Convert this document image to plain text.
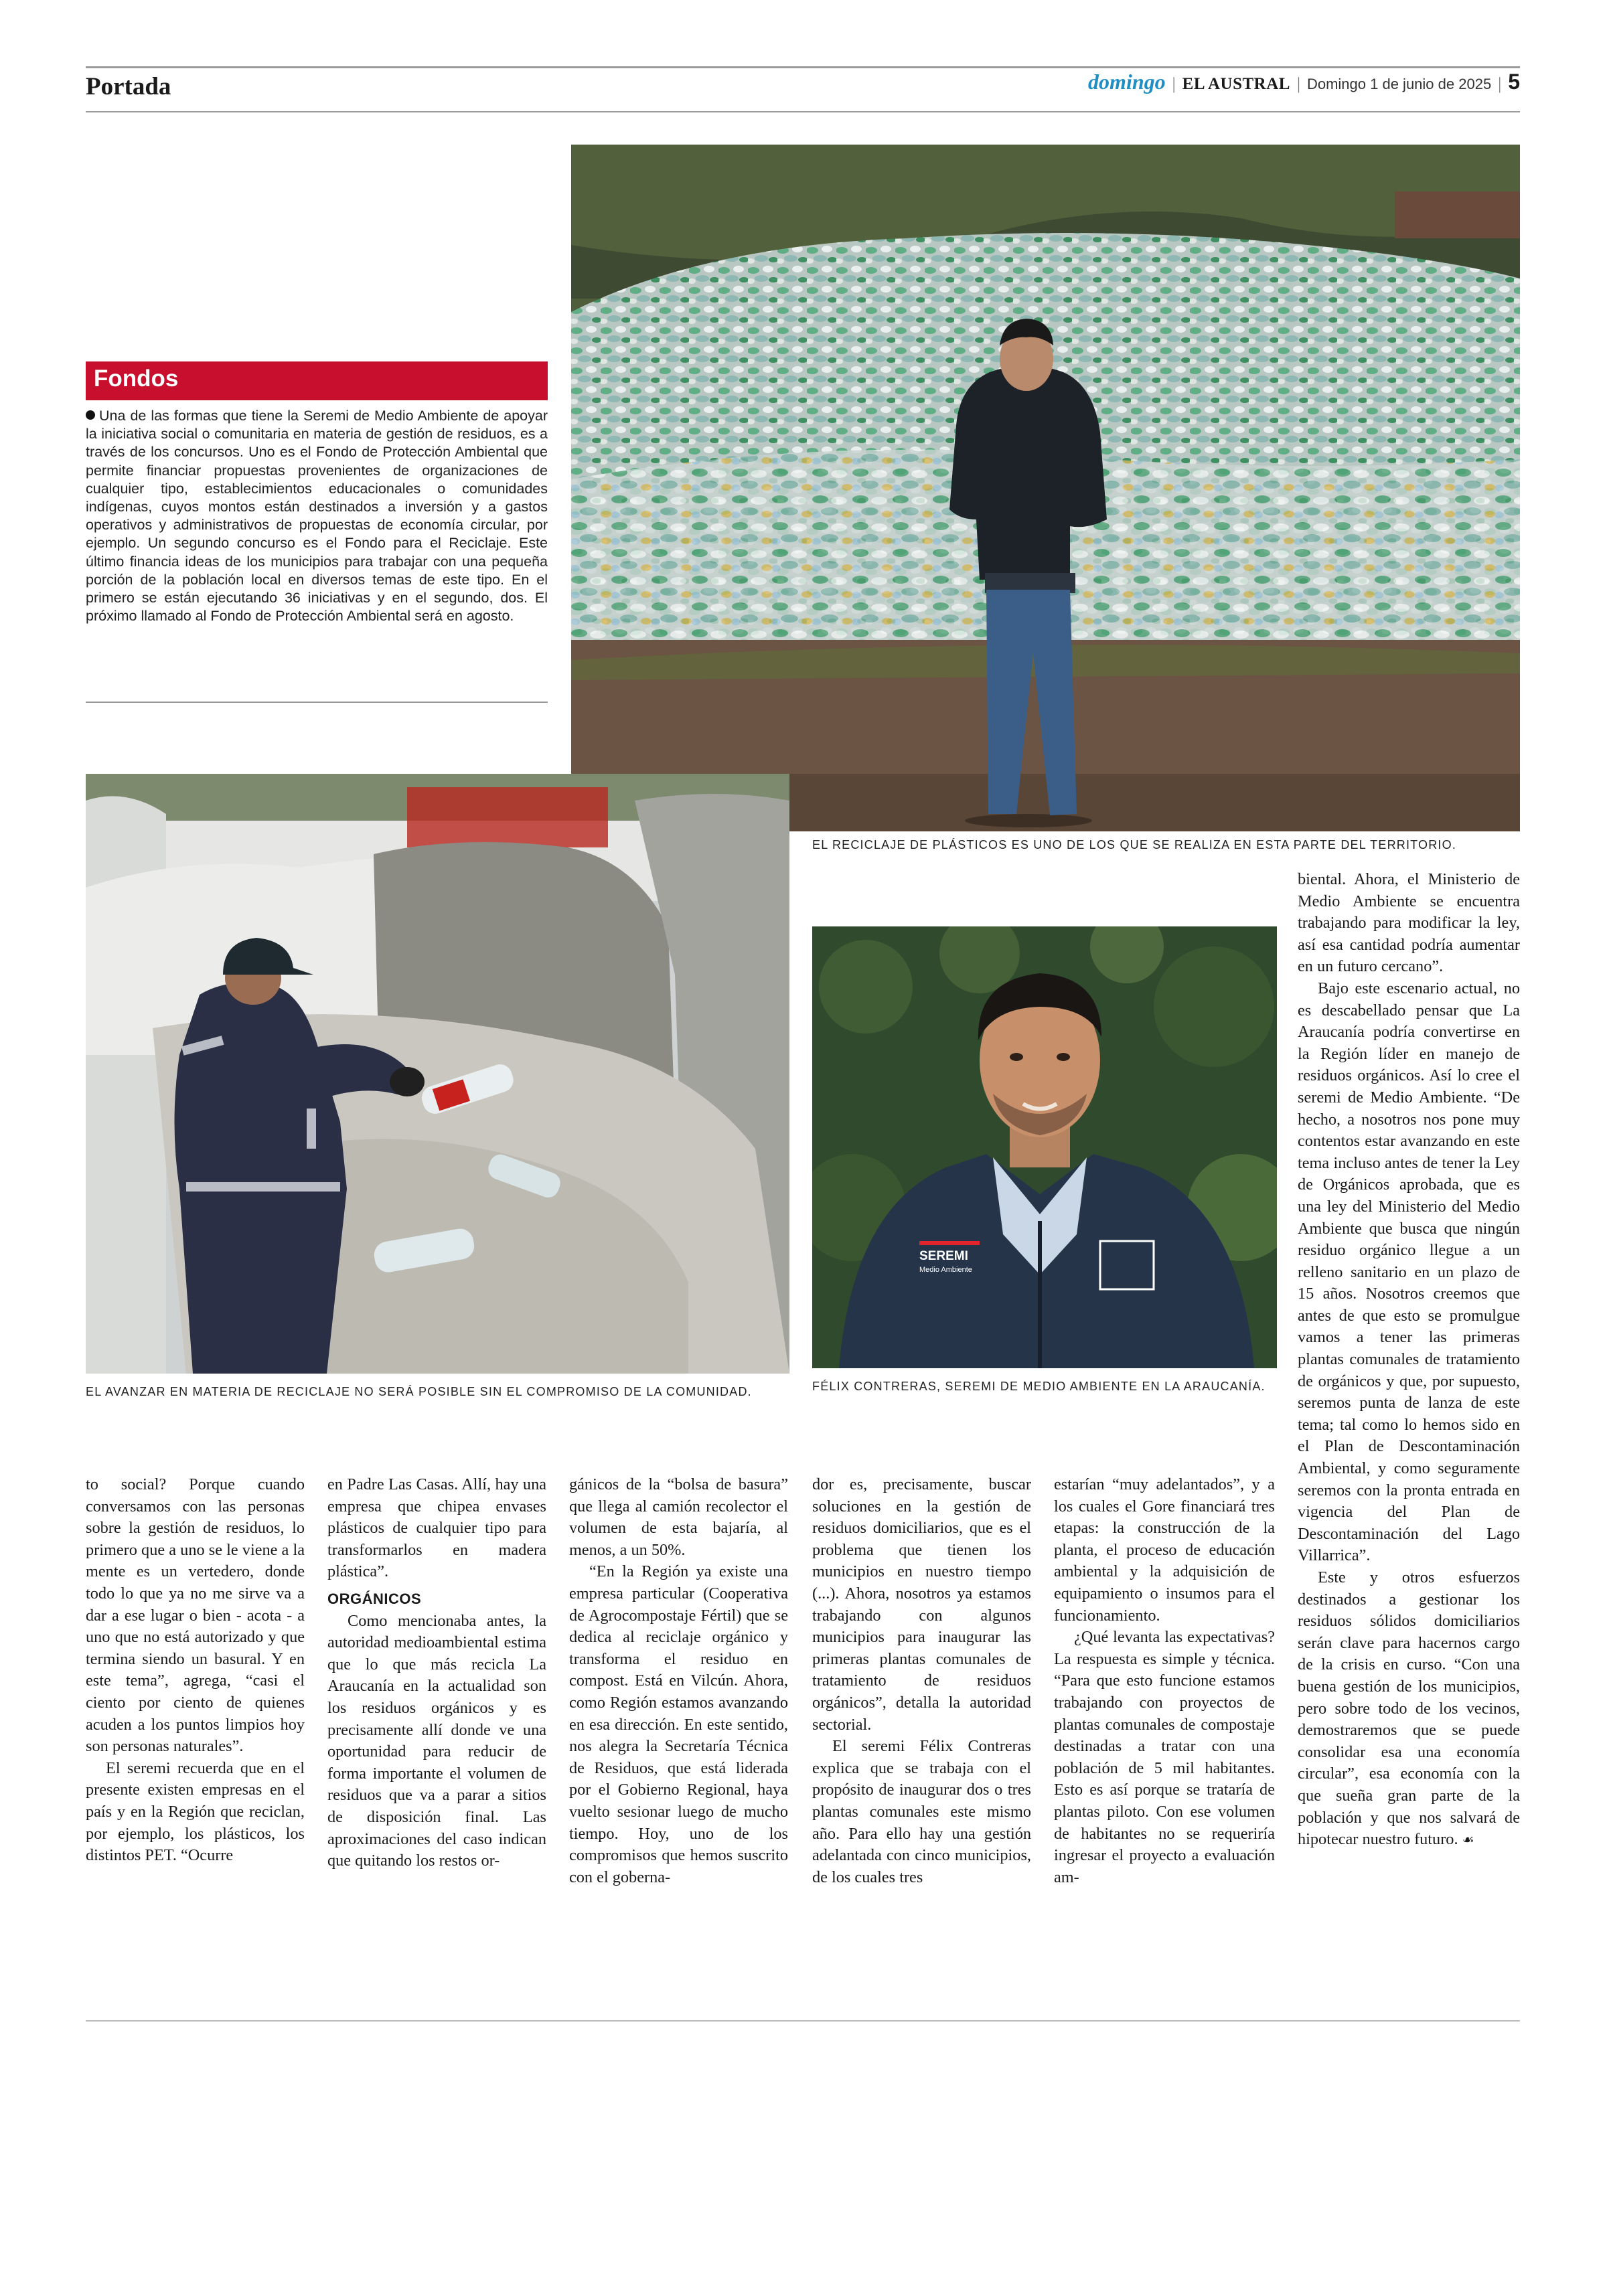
Portada	domingo | EL AUSTRAL | Domingo 1 de junio de 2025 | 5
EL RECICLAJE DE PLÁSTICOS ES UNO DE LOS QUE SE REALIZA EN ESTA PARTE DEL TERRITORIO.
Fondos
Una de las formas que tiene la Seremi de Medio Ambiente de apoyar la iniciativa social o comunitaria en materia de gestión de residuos, es a través de los concursos. Uno es el Fondo de Protección Ambiental que permite financiar propuestas provenientes de organizaciones de cualquier tipo, establecimientos educacionales o comunidades indígenas, cuyos montos están destinados a inversión y a gastos operativos y administrativos de propuestas de economía circular, por ejemplo. Un segundo concurso es el Fondo para el Reciclaje. Este último financia ideas de los municipios para trabajar con una pequeña porción de la población local en diversos temas de este tipo. En el primero se están ejecutando 36 iniciativas y en el segundo, dos. El próximo llamado al Fondo de Protección Ambiental será en agosto.
EL AVANZAR EN MATERIA DE RECICLAJE NO SERÁ POSIBLE SIN EL COMPROMISO DE LA COMUNIDAD.
SEREMI
Medio Ambiente
FÉLIX CONTRERAS, SEREMI DE MEDIO AMBIENTE EN LA ARAUCANÍA.

biental. Ahora, el Ministerio de Medio Ambiente se encuentra trabajando para modificar la ley, así esa cantidad podría aumentar en un futuro cercano”.

Bajo este escenario actual, no es descabellado pensar que La Araucanía podría convertirse en la Región líder en manejo de residuos orgánicos. Así lo cree el seremi de Medio Ambiente. “De hecho, a nosotros nos pone muy contentos estar avanzando en este tema incluso antes de tener la Ley de Orgánicos aprobada, que es una ley del Ministerio del Medio Ambiente que busca que ningún residuo orgánico llegue a un relleno sanitario en un plazo de 15 años. Nosotros creemos que antes de que esto se promulgue vamos a tener las primeras plantas comunales de tratamiento de orgánicos y que, por supuesto, seremos punta de lanza de este tema; tal como lo hemos sido en el Plan de Descontaminación Ambiental, y como seguramente seremos con la pronta entrada en vigencia del Plan de Descontaminación del Lago Villarrica”.

Este y otros esfuerzos destinados a gestionar los residuos sólidos domiciliarios serán clave para hacernos cargo de la crisis en curso. “Con una buena gestión de los municipios, pero sobre todo de los vecinos, demostraremos que se puede consolidar esa una economía circular”, esa economía con la que sueña gran parte de la población y que nos salvará de hipotecar nuestro futuro. ☙

to social? Porque cuando conversamos con las personas sobre la gestión de residuos, lo primero que a uno se le viene a la mente es un vertedero, donde todo lo que ya no me sirve va a dar a ese lugar o bien - acota - a uno que no está autorizado y que termina siendo un basural. Y en este tema”, agrega, “casi el ciento por ciento de quienes acuden a los puntos limpios hoy son personas naturales”.

El seremi recuerda que en el presente existen empresas en el país y en la Región que reciclan, por ejemplo, los plásticos, los distintos PET. “Ocurre

en Padre Las Casas. Allí, hay una empresa que chipea envases plásticos de cualquier tipo para transformarlos en madera plástica”.

ORGÁNICOS

Como mencionaba antes, la autoridad medioambiental estima que lo que más recicla La Araucanía en la actualidad son los residuos orgánicos y es precisamente allí donde ve una oportunidad para reducir de forma importante el volumen de residuos que va a parar a sitios de disposición final. Las aproximaciones del caso indican que quitando los restos or-

gánicos de la “bolsa de basura” que llega al camión recolector el volumen de esta bajaría, al menos, a un 50%.

“En la Región ya existe una empresa particular (Cooperativa de Agrocompostaje Fértil) que se dedica al reciclaje orgánico y transforma el residuo en compost. Está en Vilcún. Ahora, como Región estamos avanzando en esa dirección. En este sentido, nos alegra la Secretaría Técnica de Residuos, que está liderada por el Gobierno Regional, haya vuelto sesionar luego de mucho tiempo. Hoy, uno de los compromisos que hemos suscrito con el goberna-

dor es, precisamente, buscar soluciones en la gestión de residuos domiciliarios, que es el problema que tienen los municipios en nuestro tiempo (...). Ahora, nosotros ya estamos trabajando con algunos municipios para inaugurar las primeras plantas comunales de tratamiento de residuos orgánicos”, detalla la autoridad sectorial.

El seremi Félix Contreras explica que se trabaja con el propósito de inaugurar dos o tres plantas comunales este mismo año. Para ello hay una gestión adelantada con cinco municipios, de los cuales tres

estarían “muy adelantados”, y a los cuales el Gore financiará tres etapas: la construcción de la planta, el proceso de educación ambiental y la adquisición de equipamiento o insumos para el funcionamiento.

¿Qué levanta las expectativas? La respuesta es simple y técnica. “Para que esto funcione estamos trabajando con proyectos de plantas comunales de compostaje destinadas a tratar con una población de 5 mil habitantes. Esto es así porque se trataría de plantas piloto. Con ese volumen de habitantes no se requeriría ingresar el proyecto a evaluación am-
